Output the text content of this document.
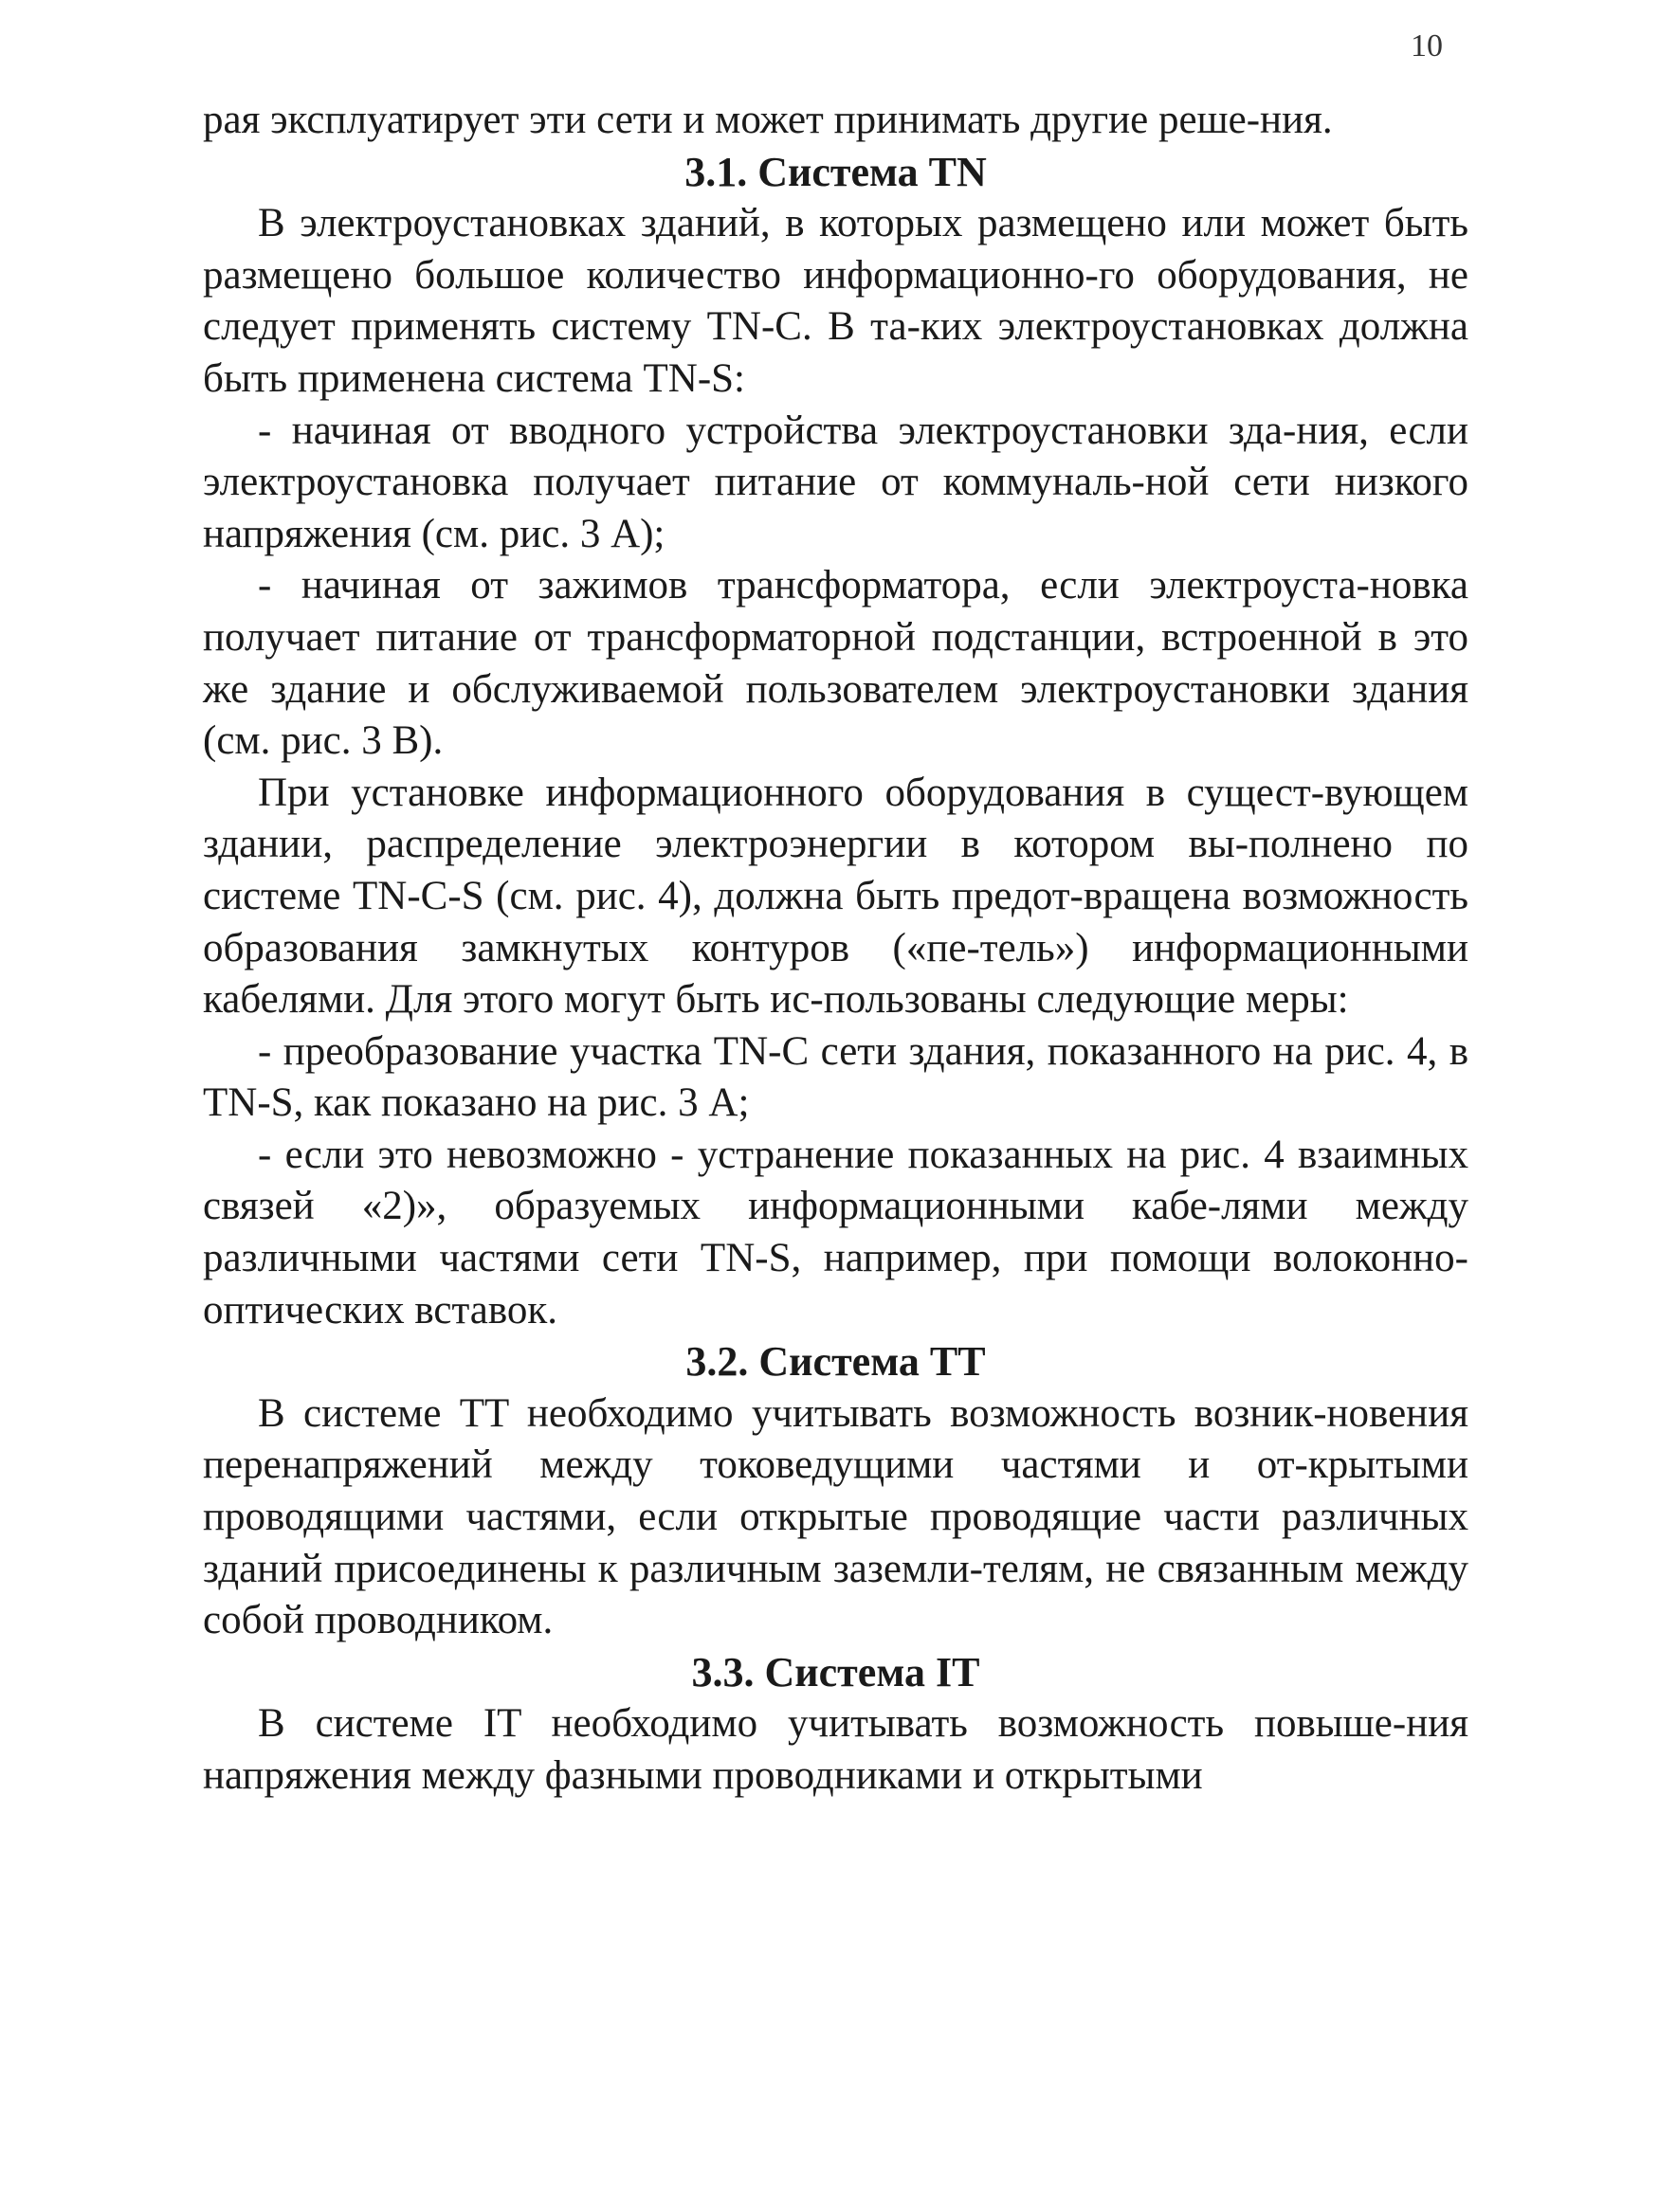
10

рая эксплуатирует эти сети и может принимать другие реше-ния.

3.1. Система TN

В электроустановках зданий, в которых размещено или может быть размещено большое количество информационно-го оборудования, не следует применять систему TN-C. В та-ких электроустановках должна быть применена система TN-S:

- начиная от вводного устройства электроустановки зда-ния, если электроустановка получает питание от коммуналь-ной сети низкого напряжения (см. рис. 3 А);

- начиная от зажимов трансформатора, если электроуста-новка получает питание от трансформаторной подстанции, встроенной в это же здание и обслуживаемой пользователем электроустановки здания (см. рис. 3 В).

При установке информационного оборудования в сущест-вующем здании, распределение электроэнергии в котором вы-полнено по системе TN-C-S (см. рис. 4), должна быть предот-вращена возможность образования замкнутых контуров («пе-тель») информационными кабелями. Для этого могут быть ис-пользованы следующие меры:

- преобразование участка TN-C сети здания, показанного на рис. 4, в TN-S, как показано на рис. 3 А;

- если это невозможно - устранение показанных на рис. 4 взаимных связей «2)», образуемых информационными кабе-лями между различными частями сети TN-S, например, при помощи волоконно-оптических вставок.

3.2. Система TT

В системе TT необходимо учитывать возможность возник-новения перенапряжений между токоведущими частями и от-крытыми проводящими частями, если открытые проводящие части различных зданий присоединены к различным заземли-телям, не связанным между собой проводником.

3.3. Система IT

В системе IT необходимо учитывать возможность повыше-ния напряжения между фазными проводниками и открытыми
